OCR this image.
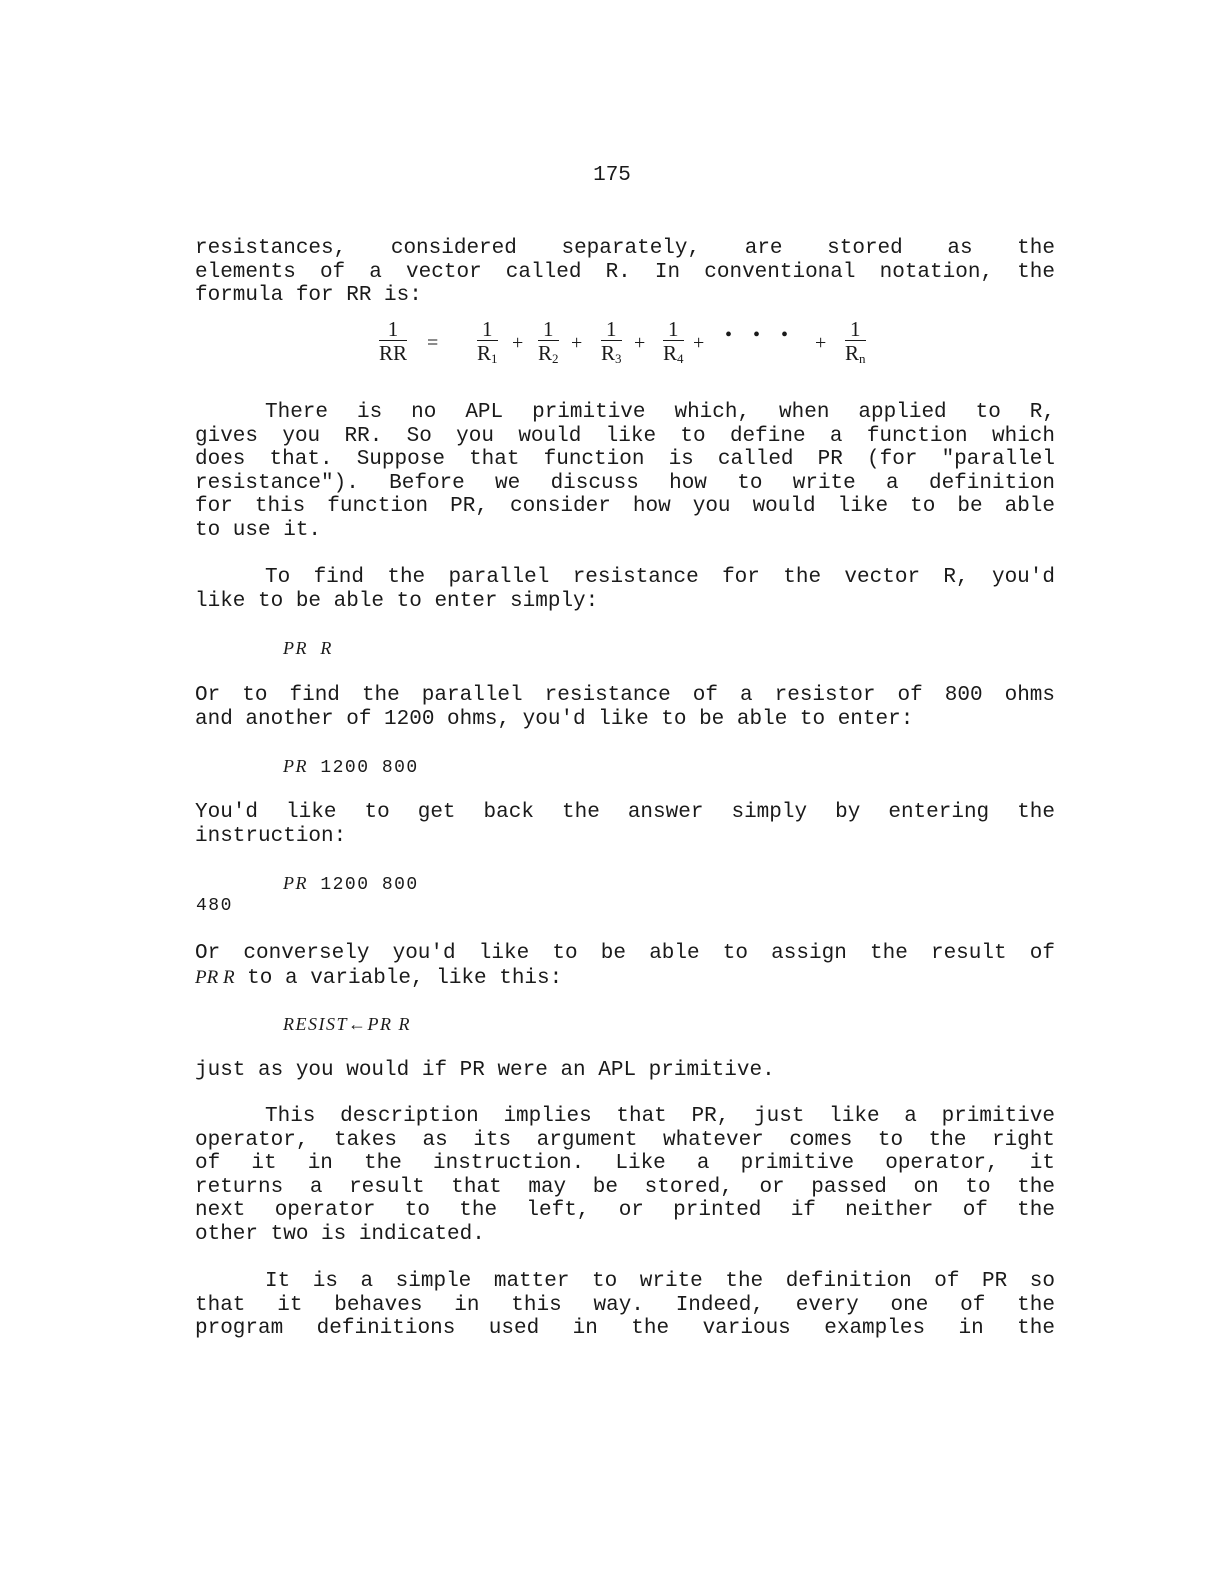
175
resistances, considered separately, are stored as the
elements of a vector called R. In conventional notation, the
formula for RR is:
$\frac{1}{RR} = \frac{1}{R_1} + \frac{1}{R_2} + \frac{1}{R_3} + \frac{1}{R_4}$ + • • • + $\frac{1}{R_n}$
There is no APL primitive which, when applied to R,
gives you RR. So you would like to define a function which
does that. Suppose that function is called PR (for "parallel
resistance"). Before we discuss how to write a definition
for this function PR, consider how you would like to be able
to use it.
To find the parallel resistance for the vector R, you'd
like to be able to enter simply:
PR R
Or to find the parallel resistance of a resistor of 800 ohms
and another of 1200 ohms, you'd like to be able to enter:
PR 1200 800
You'd like to get back the answer simply by entering the
instruction:
PR 1200 800
480
Or conversely you'd like to be able to assign the result of
PR R to a variable, like this:
RESIST←PR R
just as you would if PR were an APL primitive.
This description implies that PR, just like a primitive
operator, takes as its argument whatever comes to the right
of it in the instruction. Like a primitive operator, it
returns a result that may be stored, or passed on to the
next operator to the left, or printed if neither of the
other two is indicated.
It is a simple matter to write the definition of PR so
that it behaves in this way. Indeed, every one of the
program definitions used in the various examples in the
